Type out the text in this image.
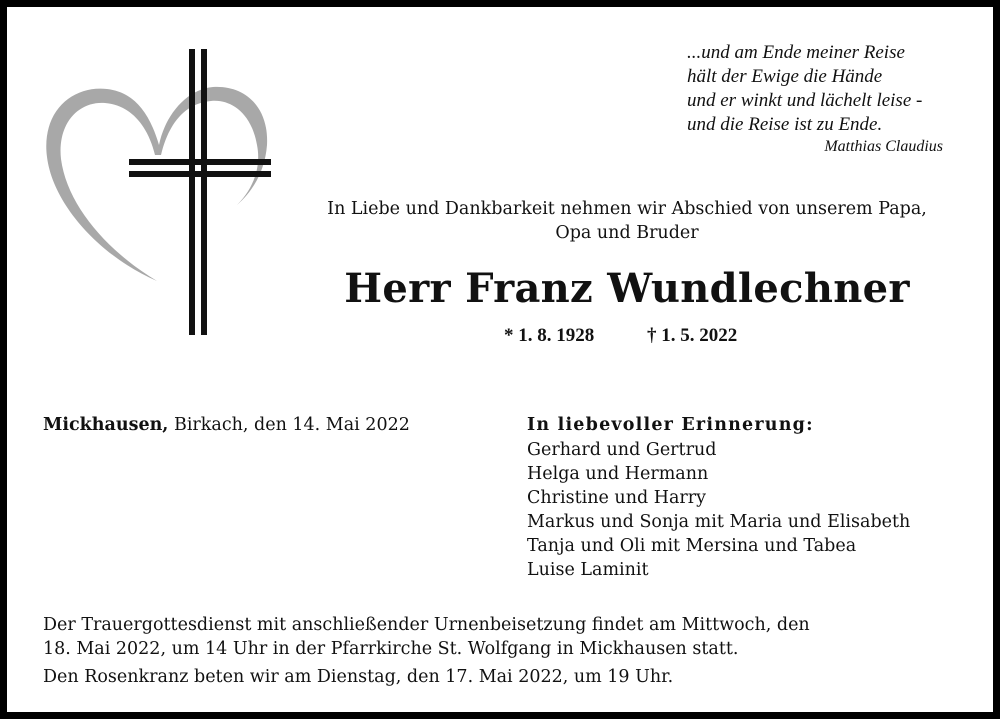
...und am Ende meiner Reise
hält der Ewige die Hände
und er winkt und lächelt leise -
und die Reise ist zu Ende.
Matthias Claudius
In Liebe und Dankbarkeit nehmen wir Abschied von unserem Papa,
Opa und Bruder
Herr Franz Wundlechner
* 1. 8. 1928	† 1. 5. 2022
Mickhausen, Birkach, den 14. Mai 2022	In liebevoller Erinnerung:
Gerhard und Gertrud
Helga und Hermann
Christine und Harry
Markus und Sonja mit Maria und Elisabeth
Tanja und Oli mit Mersina und Tabea
Luise Laminit

Der Trauergottesdienst mit anschließender Urnenbeisetzung findet am Mittwoch, den
18. Mai 2022, um 14 Uhr in der Pfarrkirche St. Wolfgang in Mickhausen statt.

Den Rosenkranz beten wir am Dienstag, den 17. Mai 2022, um 19 Uhr.
